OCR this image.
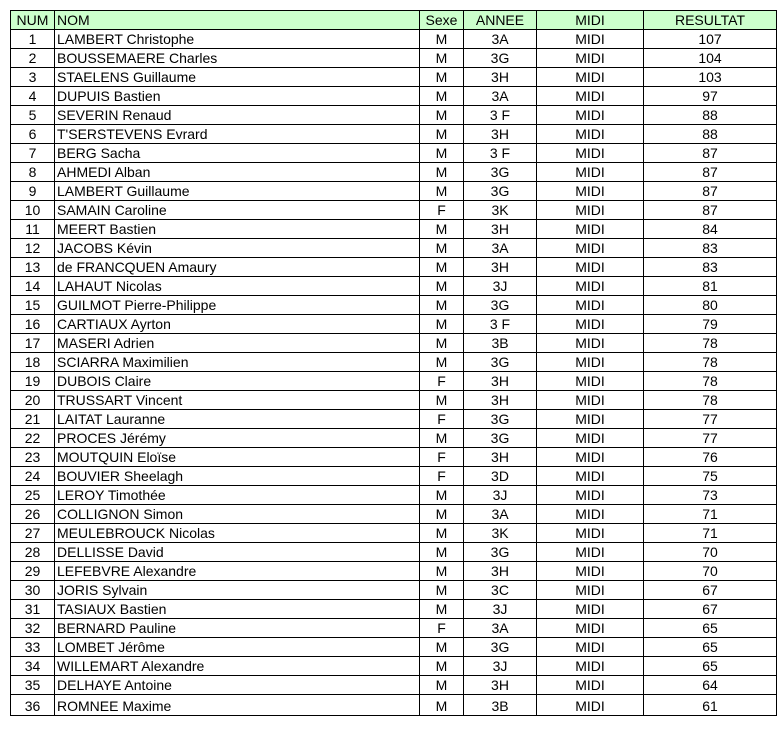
NUM	NOM	Sexe	ANNEE	MIDI	RESULTAT
1	LAMBERT Christophe	M	3A	MIDI	107
2	BOUSSEMAERE Charles	M	3G	MIDI	104
3	STAELENS Guillaume	M	3H	MIDI	103
4	DUPUIS Bastien	M	3A	MIDI	97
5	SEVERIN Renaud	M	3 F	MIDI	88
6	T'SERSTEVENS Evrard	M	3H	MIDI	88
7	BERG Sacha	M	3 F	MIDI	87
8	AHMEDI Alban	M	3G	MIDI	87
9	LAMBERT Guillaume	M	3G	MIDI	87
10	SAMAIN Caroline	F	3K	MIDI	87
11	MEERT Bastien	M	3H	MIDI	84
12	JACOBS Kévin	M	3A	MIDI	83
13	de FRANCQUEN Amaury	M	3H	MIDI	83
14	LAHAUT Nicolas	M	3J	MIDI	81
15	GUILMOT Pierre-Philippe	M	3G	MIDI	80
16	CARTIAUX Ayrton	M	3 F	MIDI	79
17	MASERI Adrien	M	3B	MIDI	78
18	SCIARRA Maximilien	M	3G	MIDI	78
19	DUBOIS Claire	F	3H	MIDI	78
20	TRUSSART Vincent	M	3H	MIDI	78
21	LAITAT Lauranne	F	3G	MIDI	77
22	PROCES Jérémy	M	3G	MIDI	77
23	MOUTQUIN Eloïse	F	3H	MIDI	76
24	BOUVIER Sheelagh	F	3D	MIDI	75
25	LEROY Timothée	M	3J	MIDI	73
26	COLLIGNON Simon	M	3A	MIDI	71
27	MEULEBROUCK Nicolas	M	3K	MIDI	71
28	DELLISSE David	M	3G	MIDI	70
29	LEFEBVRE Alexandre	M	3H	MIDI	70
30	JORIS Sylvain	M	3C	MIDI	67
31	TASIAUX Bastien	M	3J	MIDI	67
32	BERNARD Pauline	F	3A	MIDI	65
33	LOMBET Jérôme	M	3G	MIDI	65
34	WILLEMART Alexandre	M	3J	MIDI	65
35	DELHAYE Antoine	M	3H	MIDI	64
36	ROMNEE Maxime	M	3B	MIDI	61
